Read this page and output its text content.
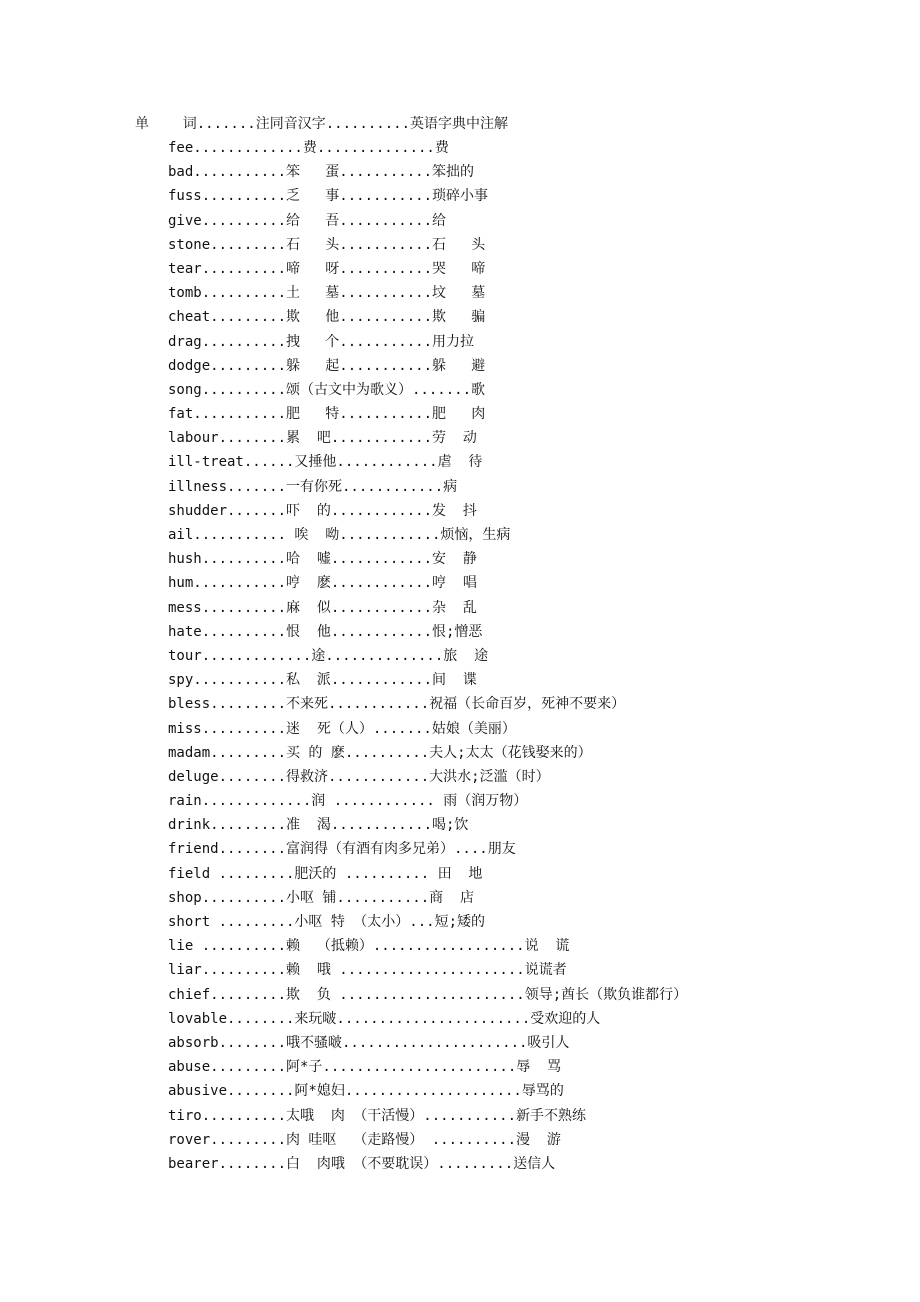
单    词.......注同音汉字..........英语字典中注解
fee.............费..............费
bad...........笨   蛋...........笨拙的
fuss..........乏   事...........琐碎小事
give..........给   吾...........给
stone.........石   头...........石   头
tear..........啼   呀...........哭   啼
tomb..........土   墓...........坟   墓
cheat.........欺   他...........欺   骗
drag..........拽   个...........用力拉
dodge.........躲   起...........躲   避
song..........颂（古文中为歌义）.......歌
fat...........肥   特...........肥   肉
labour........累  吧............劳  动
ill-treat......又捶他............虐  待
illness.......一有你死............病
shudder.......吓  的............发  抖
ail........... 唉  呦............烦恼，生病
hush..........哈  嘘............安  静
hum...........哼  麽............哼  唱
mess..........麻  似............杂  乱
hate..........恨  他............恨;憎恶
tour.............途..............旅  途
spy...........私  派............间  谍
bless.........不来死............祝福（长命百岁，死神不要来）
miss..........迷  死（人）.......姑娘（美丽）
madam.........买 的 麽..........夫人;太太（花钱娶来的）
deluge........得救济............大洪水;泛滥（时）
rain.............润 ............ 雨（润万物）
drink.........准  渴............喝;饮
friend........富润得（有酒有肉多兄弟）....朋友
field .........肥沃的 .......... 田  地
shop..........小呕 铺...........商  店
short .........小呕 特 （太小）...短;矮的
lie ..........赖  （抵赖）..................说  谎
liar..........赖  哦 ......................说谎者
chief.........欺  负 ......................领导;酋长（欺负谁都行）
lovable........来玩啵.......................受欢迎的人
absorb........哦不骚啵......................吸引人
abuse.........阿*子.......................辱  骂
abusive........阿*媳妇.....................辱骂的
tiro..........太哦  肉 （干活慢）...........新手不熟练
rover.........肉 哇呕  （走路慢） ..........漫  游
bearer........白  肉哦 （不要耽误）.........送信人
